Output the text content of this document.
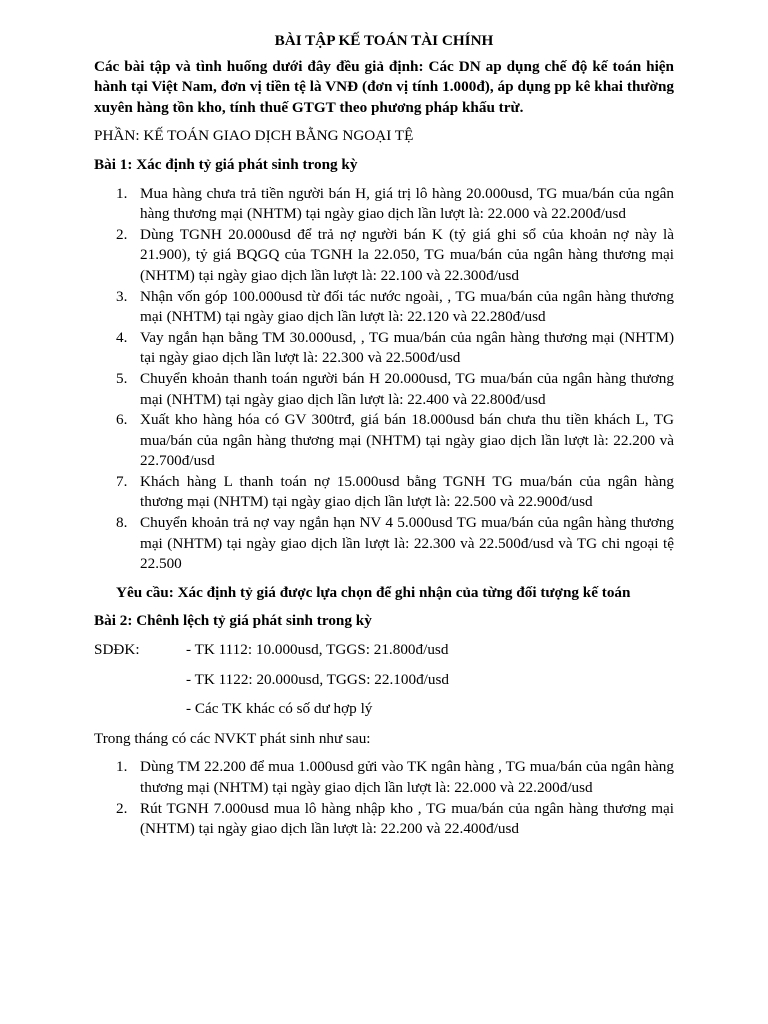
BÀI TẬP KẾ TOÁN TÀI CHÍNH
Các bài tập và tình huống dưới đây đều giả định: Các DN ap dụng chế độ kế toán hiện hành tại Việt Nam, đơn vị tiền tệ là VNĐ (đơn vị tính 1.000đ), áp dụng pp kê khai thường xuyên hàng tồn kho, tính thuế GTGT theo phương pháp khấu trừ.
PHẦN: KẾ TOÁN GIAO DỊCH BẰNG NGOẠI TỆ
Bài 1: Xác định tỷ giá phát sinh trong kỳ
1. Mua hàng chưa trả tiền người bán H, giá trị lô hàng 20.000usd, TG mua/bán của ngân hàng thương mại (NHTM) tại ngày giao dịch lần lượt là: 22.000 và 22.200đ/usd
2. Dùng TGNH 20.000usd để trả nợ người bán K (tỷ giá ghi sổ của khoản nợ này là 21.900), tỷ giá BQGQ của TGNH la 22.050, TG mua/bán của ngân hàng thương mại (NHTM) tại ngày giao dịch lần lượt là: 22.100 và 22.300đ/usd
3. Nhận vốn góp 100.000usd từ đối tác nước ngoài, , TG mua/bán của ngân hàng thương mại (NHTM) tại ngày giao dịch lần lượt là: 22.120 và 22.280đ/usd
4. Vay ngắn hạn bằng TM 30.000usd, , TG mua/bán của ngân hàng thương mại (NHTM) tại ngày giao dịch lần lượt là: 22.300 và 22.500đ/usd
5. Chuyển khoản thanh toán người bán H 20.000usd, TG mua/bán của ngân hàng thương mại (NHTM) tại ngày giao dịch lần lượt là: 22.400 và 22.800đ/usd
6. Xuất kho hàng hóa có GV 300trđ, giá bán 18.000usd bán chưa thu tiền khách L, TG mua/bán của ngân hàng thương mại (NHTM) tại ngày giao dịch lần lượt là: 22.200 và 22.700đ/usd
7. Khách hàng L thanh toán nợ 15.000usd bằng TGNH TG mua/bán của ngân hàng thương mại (NHTM) tại ngày giao dịch lần lượt là: 22.500 và 22.900đ/usd
8. Chuyển khoản trả nợ vay ngắn hạn NV 4 5.000usd TG mua/bán của ngân hàng thương mại (NHTM) tại ngày giao dịch lần lượt là: 22.300 và 22.500đ/usd và TG chi ngoại tệ 22.500
Yêu cầu: Xác định tỷ giá được lựa chọn để ghi nhận của từng đối tượng kế toán
Bài 2: Chênh lệch tỷ giá phát sinh trong kỳ
SDĐK:	- TK 1112: 10.000usd, TGGS: 21.800đ/usd
- TK 1122: 20.000usd, TGGS: 22.100đ/usd
- Các TK khác có số dư hợp lý
Trong tháng có các NVKT phát sinh như sau:
1. Dùng TM 22.200 để mua 1.000usd gửi vào TK ngân hàng , TG mua/bán của ngân hàng thương mại (NHTM) tại ngày giao dịch lần lượt là: 22.000 và 22.200đ/usd
2. Rút TGNH 7.000usd mua lô hàng nhập kho , TG mua/bán của ngân hàng thương mại (NHTM) tại ngày giao dịch lần lượt là: 22.200 và 22.400đ/usd
